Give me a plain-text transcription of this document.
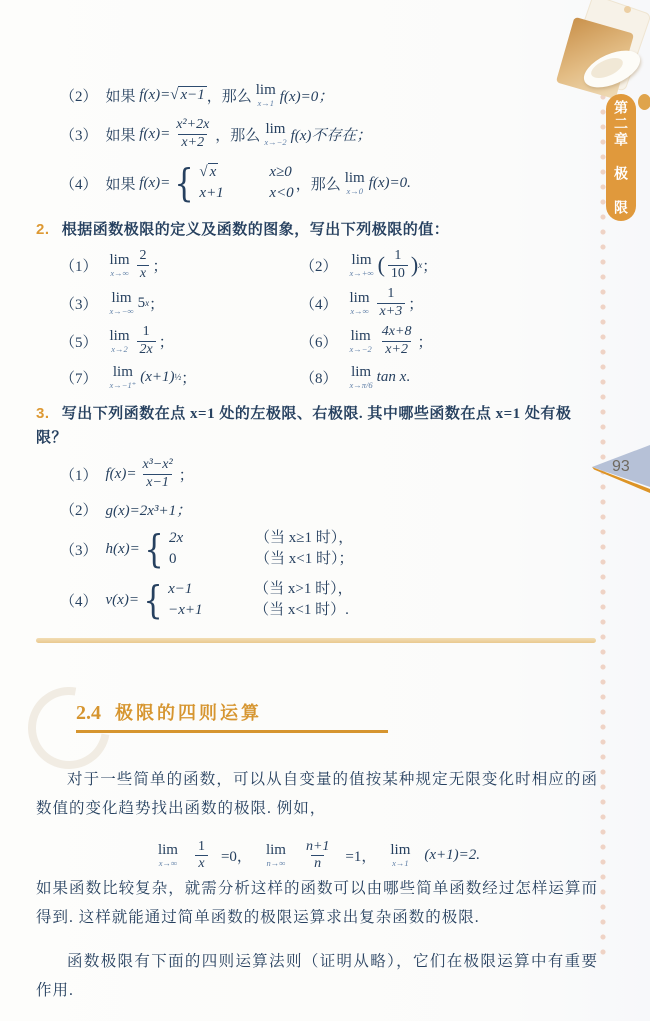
第二章 极 限
93
（2） 如果
f(x)= √ x−1 ，那么 lim
x→1 f(x)=0；
（3） 如果
$f(x)= \frac{\text{x²+2x}}{x+2}$ ，那么 lim
x→−2 f(x)不存在；
（4） 如果
f(x)= { √ x	x≥0
x+1	x<0
，那么 lim
x→0
f(x)=0.
2. 根据函数极限的定义及函数的图象，写出下列极限的值：
（1） lim
$x\to\infty \frac{2}{x}$ ；	（2） lim
x→+∞ ( $\frac{1}{10}$ ) x ；
（3） lim
x→−∞
5 x ；	（4） lim
$x\to\infty \frac{1}{x+3}$ ；
（5） lim
$x\to 2 \frac{1}{2x}$ ；	（6） lim
$x\to-2 \frac{4x+8}{x+2}$ ；
（7） lim
x→−1⁺
(x+1) ½ ；	（8） lim
x→π/6
tan x .
3. 写出下列函数在点 x=1 处的左极限、右极限. 其中哪些函数在点 x=1 处有极限？
（1） $f(x)= \frac{\text{x³−x²}}{x-1}$ ；
（2） g(x)=2x³+1；
（3） h(x)= { 2x	（当 x≥1 时），
0	（当 x<1 时）；
（4） v(x)= { x−1	（当 x>1 时），
−x+1	（当 x<1 时）.
2.4 极限的四则运算

对于一些简单的函数，可以从自变量的值按某种规定无限变化时相应的函数值的变化趋势找出函数的极限. 例如，

lim
$x\to\infty \frac{1}{x} =0$， lim
$n\to\infty \frac{n+1}{n} =1$， lim
x→1
(x+1)=2.

如果函数比较复杂，就需分析这样的函数可以由哪些简单函数经过怎样运算而得到. 这样就能通过简单函数的极限运算求出复杂函数的极限.

函数极限有下面的四则运算法则（证明从略），它们在极限运算中有重要作用.
